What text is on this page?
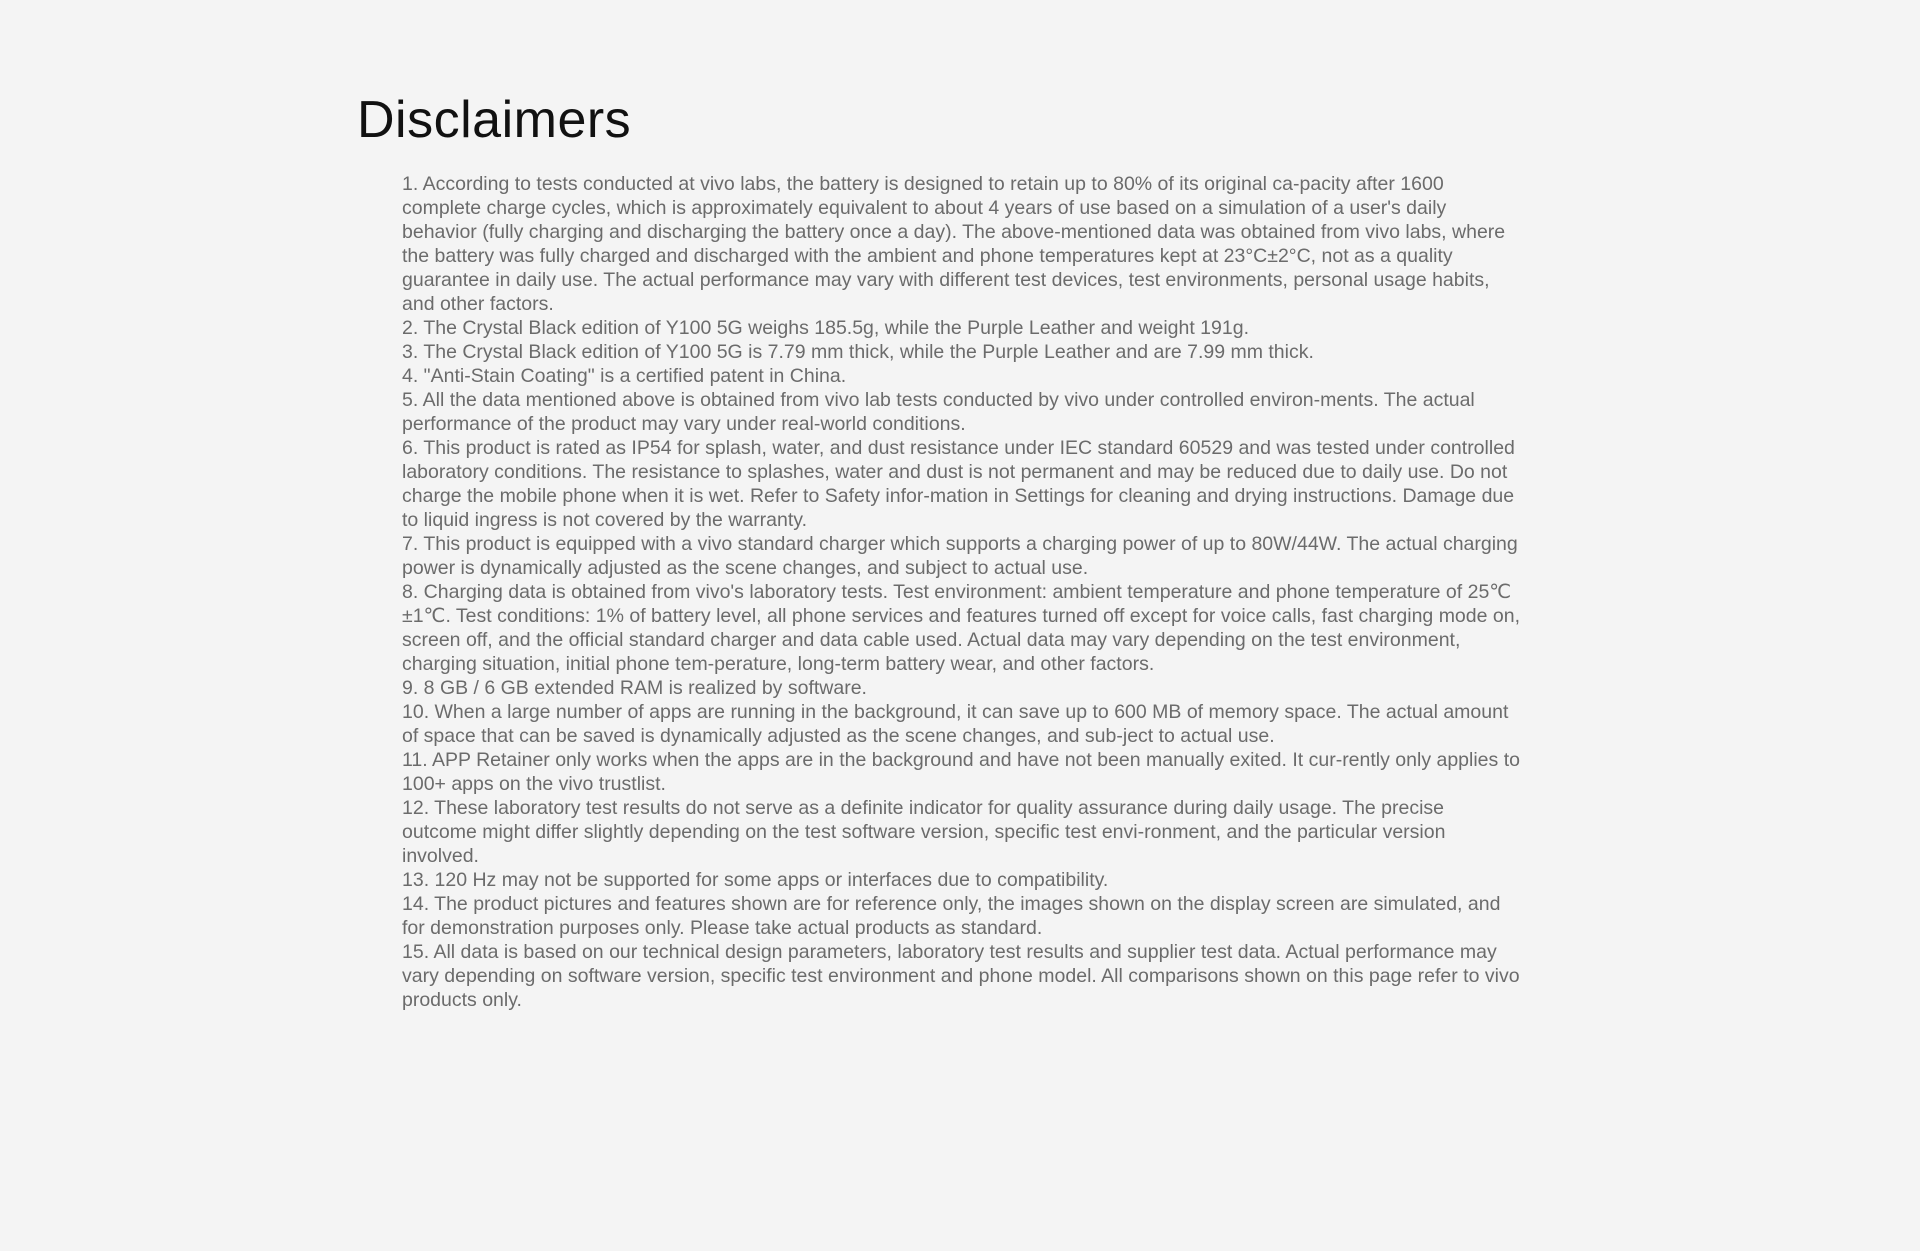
Disclaimers

1. According to tests conducted at vivo labs, the battery is designed to retain up to 80% of its original ca-pacity after 1600 complete charge cycles, which is approximately equivalent to about 4 years of use based on a simulation of a user's daily behavior (fully charging and discharging the battery once a day). The above-mentioned data was obtained from vivo labs, where the battery was fully charged and discharged with the ambient and phone temperatures kept at 23°C±2°C, not as a quality guarantee in daily use. The actual performance may vary with different test devices, test environments, personal usage habits, and other factors.

2. The Crystal Black edition of Y100 5G weighs 185.5g, while the Purple Leather and weight 191g.

3. The Crystal Black edition of Y100 5G is 7.79 mm thick, while the Purple Leather and are 7.99 mm thick.

4. "Anti-Stain Coating" is a certified patent in China.

5. All the data mentioned above is obtained from vivo lab tests conducted by vivo under controlled environ-ments. The actual performance of the product may vary under real-world conditions.

6. This product is rated as IP54 for splash, water, and dust resistance under IEC standard 60529 and was tested under controlled laboratory conditions. The resistance to splashes, water and dust is not permanent and may be reduced due to daily use. Do not charge the mobile phone when it is wet. Refer to Safety infor-mation in Settings for cleaning and drying instructions. Damage due to liquid ingress is not covered by the warranty.

7. This product is equipped with a vivo standard charger which supports a charging power of up to 80W/44W. The actual charging power is dynamically adjusted as the scene changes, and subject to actual use.

8. Charging data is obtained from vivo's laboratory tests. Test environment: ambient temperature and phone temperature of 25℃±1℃. Test conditions: 1% of battery level, all phone services and features turned off except for voice calls, fast charging mode on, screen off, and the official standard charger and data cable used. Actual data may vary depending on the test environment, charging situation, initial phone tem-perature, long-term battery wear, and other factors.

9. 8 GB / 6 GB extended RAM is realized by software.

10. When a large number of apps are running in the background, it can save up to 600 MB of memory space. The actual amount of space that can be saved is dynamically adjusted as the scene changes, and sub-ject to actual use.

11. APP Retainer only works when the apps are in the background and have not been manually exited. It cur-rently only applies to 100+ apps on the vivo trustlist.

12. These laboratory test results do not serve as a definite indicator for quality assurance during daily usage. The precise outcome might differ slightly depending on the test software version, specific test envi-ronment, and the particular version involved.

13. 120 Hz may not be supported for some apps or interfaces due to compatibility.

14. The product pictures and features shown are for reference only, the images shown on the display screen are simulated, and for demonstration purposes only. Please take actual products as standard.

15. All data is based on our technical design parameters, laboratory test results and supplier test data. Actual performance may vary depending on software version, specific test environment and phone model. All comparisons shown on this page refer to vivo products only.
